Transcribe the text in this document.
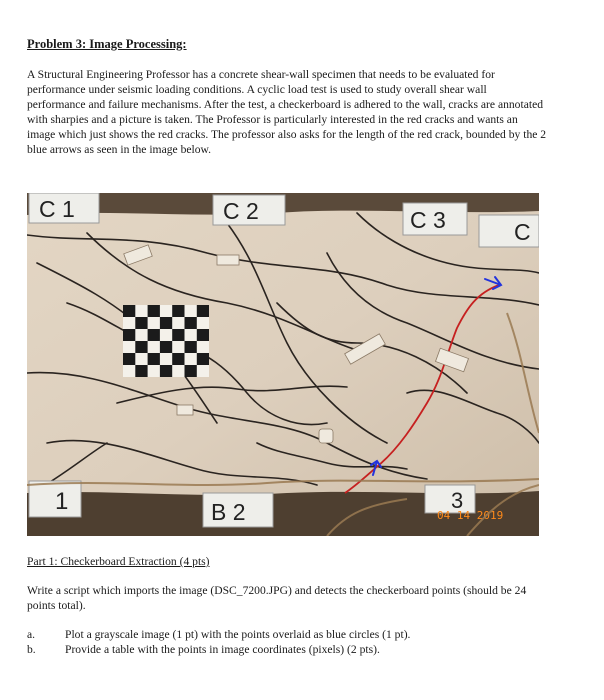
Problem 3: Image Processing:

A Structural Engineering Professor has a concrete shear-wall specimen that needs to be evaluated for performance under seismic loading conditions. A cyclic load test is used to study overall shear wall performance and failure mechanisms. After the test, a checkerboard is adhered to the wall, cracks are annotated with sharpies and a picture is taken. The Professor is particularly interested in the red cracks and wants an image which just shows the red cracks. The professor also asks for the length of the red crack, bounded by the 2 blue arrows as seen in the image below.

C 1	C 2	C 3	C
1	B 2	3
04 14 2019
Part 1: Checkerboard Extraction (4 pts)

Write a script which imports the image (DSC_7200.JPG) and detects the checkerboard points (should be 24 points total).

a.	Plot a grayscale image (1 pt) with the points overlaid as blue circles (1 pt).
b.	Provide a table with the points in image coordinates (pixels) (2 pts).
